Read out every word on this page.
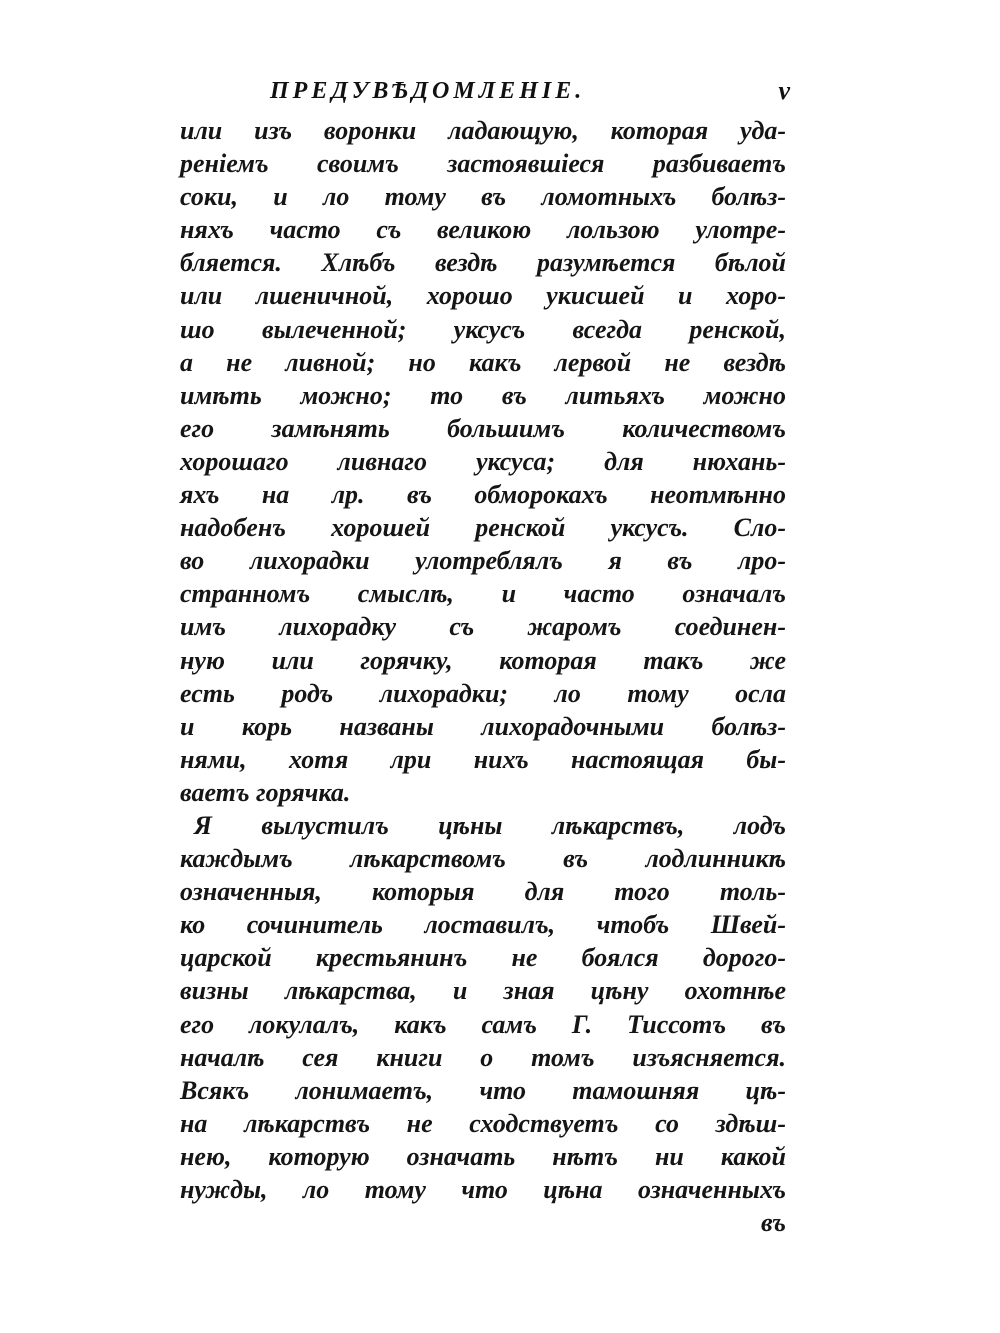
ПРЕДУВѢДОМЛЕНIЕ.	v
или изъ воронки ладающую, которая уда-
ренiемъ своимъ застоявшiеся разбиваетъ
соки, и ло тому въ ломотныхъ болѣз-
няхъ часто съ великою лользою улотре-
бляется. Хлѣбъ вездѣ разумѣется бѣлой
или лшеничной, хорошо укисшей и хоро-
шо вылеченной; уксусъ всегда ренской,
а не ливной; но какъ лервой не вездѣ
имѣть можно; то въ литьяхъ можно
его замѣнять большимъ количествомъ
хорошаго ливнаго уксуса; для нюхань-
яхъ на лр. въ обморокахъ неотмѣнно
надобенъ хорошей ренской уксусъ. Сло-
во лихорадки улотреблялъ я въ лро-
странномъ смыслѣ, и часто означалъ
имъ лихорадку съ жаромъ соединен-
ную или горячку, которая такъ же
есть родъ лихорадки; ло тому осла
и корь названы лихорадочными болѣз-
нями, хотя лри нихъ настоящая бы-
ваетъ горячка.
Я вылустилъ цѣны лѣкарствъ, лодъ
каждымъ лѣкарствомъ въ лодлинникѣ
означенныя, которыя для того толь-
ко сочинитель лоставилъ, чтобъ Швей-
царской крестьянинъ не боялся дорого-
визны лѣкарства, и зная цѣну охотнѣе
его локулалъ, какъ самъ Г. Тиссотъ въ
началѣ сея книги о томъ изъясняется.
Всякъ лонимаетъ, что тамошняя цѣ-
на лѣкарствъ не сходствуетъ со здѣш-
нею, которую означать нѣтъ ни какой
нужды, ло тому что цѣна означенныхъ
въ
